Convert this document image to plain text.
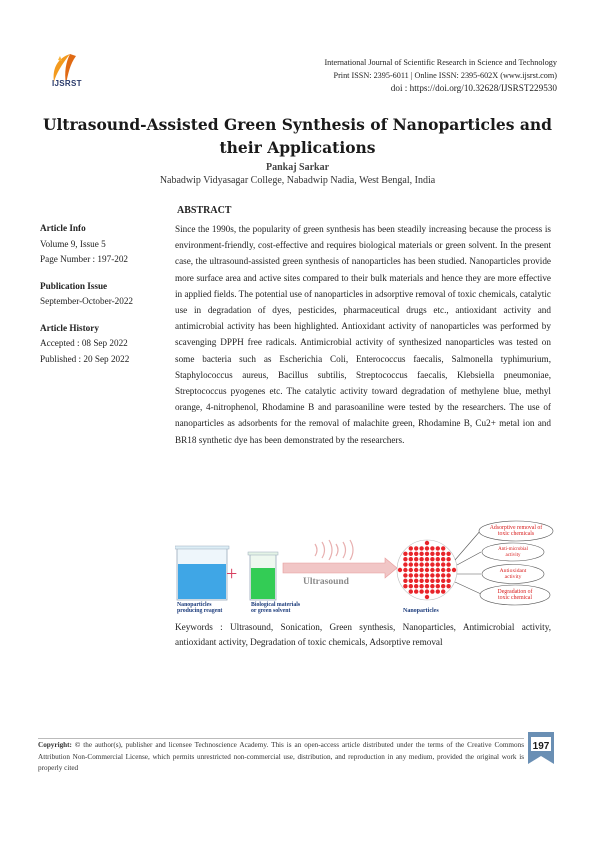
IJSRST
International Journal of Scientific Research in Science and Technology
Print ISSN: 2395-6011 | Online ISSN: 2395-602X (www.ijsrst.com)
doi : https://doi.org/10.32628/IJSRST229530
Ultrasound-Assisted Green Synthesis of Nanoparticles and their Applications
Pankaj Sarkar
Nabadwip Vidyasagar College, Nabadwip Nadia, West Bengal, India
Article Info
Volume 9, Issue 5
Page Number : 197-202
Publication Issue
September-October-2022
Article History
Accepted : 08 Sep 2022
Published : 20 Sep 2022
ABSTRACT
Since the 1990s, the popularity of green synthesis has been steadily increasing because the process is environment-friendly, cost-effective and requires biological materials or green solvent. In the present case, the ultrasound-assisted green synthesis of nanoparticles has been studied. Nanoparticles provide more surface area and active sites compared to their bulk materials and hence they are more effective in applied fields. The potential use of nanoparticles in adsorptive removal of toxic chemicals, catalytic use in degradation of dyes, pesticides, pharmaceutical drugs etc., antioxidant activity and antimicrobial activity has been highlighted. Antioxidant activity of nanoparticles was performed by scavenging DPPH free radicals. Antimicrobial activity of synthesized nanoparticles was tested on some bacteria such as Escherichia Coli, Enterococcus faecalis, Salmonella typhimurium, Staphylococcus aureus, Bacillus subtilis, Streptococcus faecalis, Klebsiella pneumoniae, Streptococcus pyogenes etc. The catalytic activity toward degradation of methylene blue, methyl orange, 4-nitrophenol, Rhodamine B and parasoaniline were tested by the researchers. The use of nanoparticles as adsorbents for the removal of malachite green, Rhodamine B, Cu2+ metal ion and BR18 synthetic dye has been demonstrated by the researchers.
Nanoparticles
producing reagent
+
Biological materials
or green solvent
Ultrasound
Nanoparticles
Adsorptive removal of
toxic chemicals
Anti-microbial
activity
Antioxidant
activity
Degradation of
toxic chemical
Keywords : Ultrasound, Sonication, Green synthesis, Nanoparticles, Antimicrobial activity, antioxidant activity, Degradation of toxic chemicals, Adsorptive removal
Copyright: © the author(s), publisher and licensee Technoscience Academy. This is an open-access article distributed under the terms of the Creative Commons Attribution Non-Commercial License, which permits unrestricted non-commercial use, distribution, and reproduction in any medium, provided the original work is properly cited
197
